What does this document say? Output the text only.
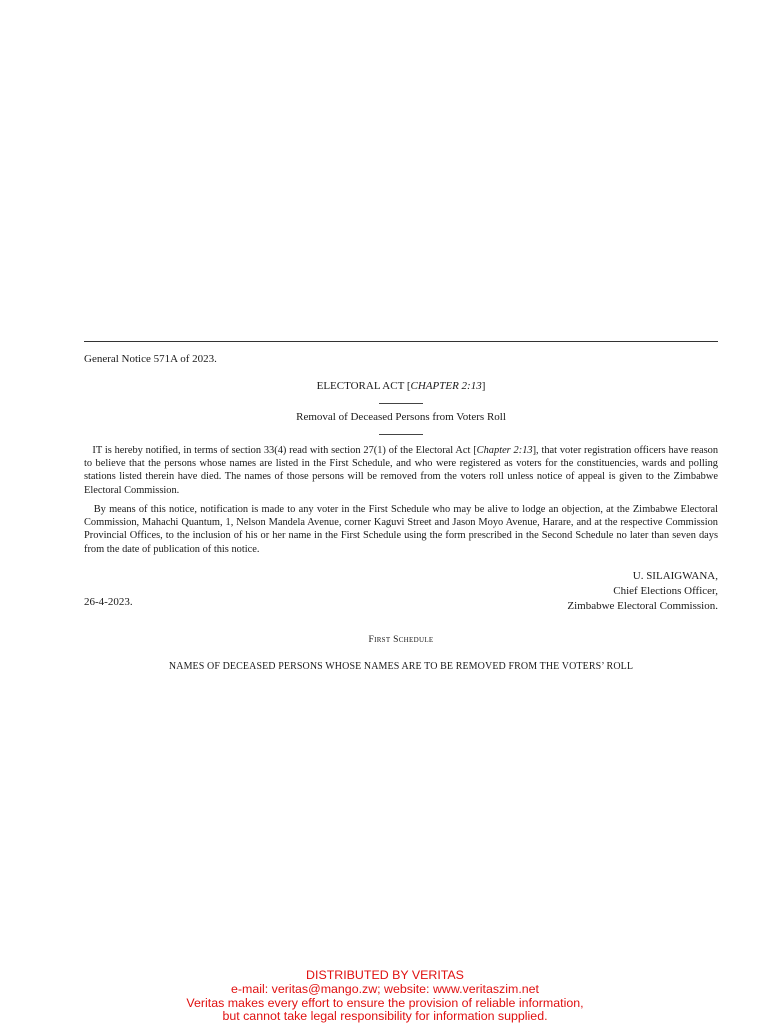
General Notice 571A of 2023.
ELECTORAL ACT [CHAPTER 2:13]
Removal of Deceased Persons from Voters Roll

IT is hereby notified, in terms of section 33(4) read with section 27(1) of the Electoral Act [Chapter 2:13], that voter registration officers have reason to believe that the persons whose names are listed in the First Schedule, and who were registered as voters for the constituencies, wards and polling stations listed therein have died. The names of those persons will be removed from the voters roll unless notice of appeal is given to the Zimbabwe Electoral Commission.

By means of this notice, notification is made to any voter in the First Schedule who may be alive to lodge an objection, at the Zimbabwe Electoral Commission, Mahachi Quantum, 1, Nelson Mandela Avenue, corner Kaguvi Street and Jason Moyo Avenue, Harare, and at the respective Commission Provincial Offices, to the inclusion of his or her name in the First Schedule using the form prescribed in the Second Schedule no later than seven days from the date of publication of this notice.

U. SILAIGWANA,
Chief Elections Officer,
Zimbabwe Electoral Commission.
26-4-2023.
First Schedule
NAMES OF DECEASED PERSONS WHOSE NAMES ARE TO BE REMOVED FROM THE VOTERS’ ROLL
DISTRIBUTED BY VERITAS
e-mail: veritas@mango.zw; website: www.veritaszim.net
Veritas makes every effort to ensure the provision of reliable information,
but cannot take legal responsibility for information supplied.
